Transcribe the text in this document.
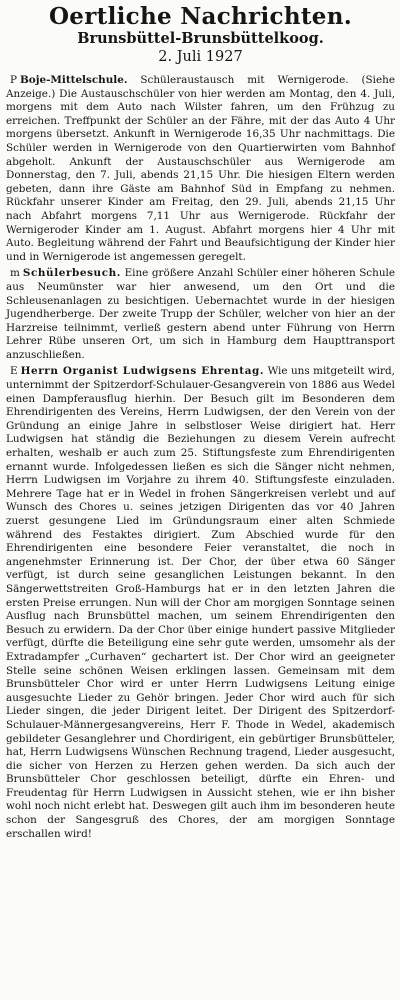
Oertliche Nachrichten.
Brunsbüttel-Brunsbüttelkoog.
2. Juli 1927

P Boje-Mittelschule. Schüleraustausch mit Wernigerode. (Siehe Anzeige.) Die Austauschschüler von hier werden am Montag, den 4. Juli, morgens mit dem Auto nach Wilster fahren, um den Frühzug zu erreichen. Treffpunkt der Schüler an der Fähre, mit der das Auto 4 Uhr morgens übersetzt. Ankunft in Wernigerode 16,35 Uhr nachmittags. Die Schüler werden in Wernigerode von den Quartierwirten vom Bahnhof abgeholt. Ankunft der Austauschschüler aus Wernigerode am Donnerstag, den 7. Juli, abends 21,15 Uhr. Die hiesigen Eltern werden gebeten, dann ihre Gäste am Bahnhof Süd in Empfang zu nehmen. Rückfahr unserer Kinder am Freitag, den 29. Juli, abends 21,15 Uhr nach Abfahrt morgens 7,11 Uhr aus Wernigerode. Rückfahr der Wernigeroder Kinder am 1. August. Abfahrt morgens hier 4 Uhr mit Auto. Begleitung während der Fahrt und Beaufsichtigung der Kinder hier und in Wernigerode ist angemessen geregelt.

m Schülerbesuch. Eine größere Anzahl Schüler einer höheren Schule aus Neumünster war hier anwesend, um den Ort und die Schleusenanlagen zu besichtigen. Uebernachtet wurde in der hiesigen Jugendherberge. Der zweite Trupp der Schüler, welcher von hier an der Harzreise teilnimmt, verließ gestern abend unter Führung von Herrn Lehrer Rübe unseren Ort, um sich in Hamburg dem Haupttransport anzuschließen.

E Herrn Organist Ludwigsens Ehrentag. Wie uns mitgeteilt wird, unternimmt der Spitzerdorf-Schulauer-Gesangverein von 1886 aus Wedel einen Dampferausflug hierhin. Der Besuch gilt im Besonderen dem Ehrendirigenten des Vereins, Herrn Ludwigsen, der den Verein von der Gründung an einige Jahre in selbstloser Weise dirigiert hat. Herr Ludwigsen hat ständig die Beziehungen zu diesem Verein aufrecht erhalten, weshalb er auch zum 25. Stiftungsfeste zum Ehrendirigenten ernannt wurde. Infolgedessen ließen es sich die Sänger nicht nehmen, Herrn Ludwigsen im Vorjahre zu ihrem 40. Stiftungsfeste einzuladen. Mehrere Tage hat er in Wedel in frohen Sängerkreisen verlebt und auf Wunsch des Chores u. seines jetzigen Dirigenten das vor 40 Jahren zuerst gesungene Lied im Gründungsraum einer alten Schmiede während des Festaktes dirigiert. Zum Abschied wurde für den Ehrendirigenten eine besondere Feier veranstaltet, die noch in angenehmster Erinnerung ist. Der Chor, der über etwa 60 Sänger verfügt, ist durch seine gesanglichen Leistungen bekannt. In den Sängerwettstreiten Groß-Hamburgs hat er in den letzten Jahren die ersten Preise errungen. Nun will der Chor am morgigen Sonntage seinen Ausflug nach Brunsbüttel machen, um seinem Ehrendirigenten den Besuch zu erwidern. Da der Chor über einige hundert passive Mitglieder verfügt, dürfte die Beteiligung eine sehr gute werden, umsomehr als der Extradampfer „Curhaven“ gechartert ist. Der Chor wird an geeigneter Stelle seine schönen Weisen erklingen lassen. Gemeinsam mit dem Brunsbütteler Chor wird er unter Herrn Ludwigsens Leitung einige ausgesuchte Lieder zu Gehör bringen. Jeder Chor wird auch für sich Lieder singen, die jeder Dirigent leitet. Der Dirigent des Spitzerdorf-Schulauer-Männergesangvereins, Herr F. Thode in Wedel, akademisch gebildeter Gesanglehrer und Chordirigent, ein gebürtiger Brunsbütteler, hat, Herrn Ludwigsens Wünschen Rechnung tragend, Lieder ausgesucht, die sicher von Herzen zu Herzen gehen werden. Da sich auch der Brunsbütteler Chor geschlossen beteiligt, dürfte ein Ehren- und Freudentag für Herrn Ludwigsen in Aussicht stehen, wie er ihn bisher wohl noch nicht erlebt hat. Deswegen gilt auch ihm im besonderen heute schon der Sangesgruß des Chores, der am morgigen Sonntage erschallen wird!
